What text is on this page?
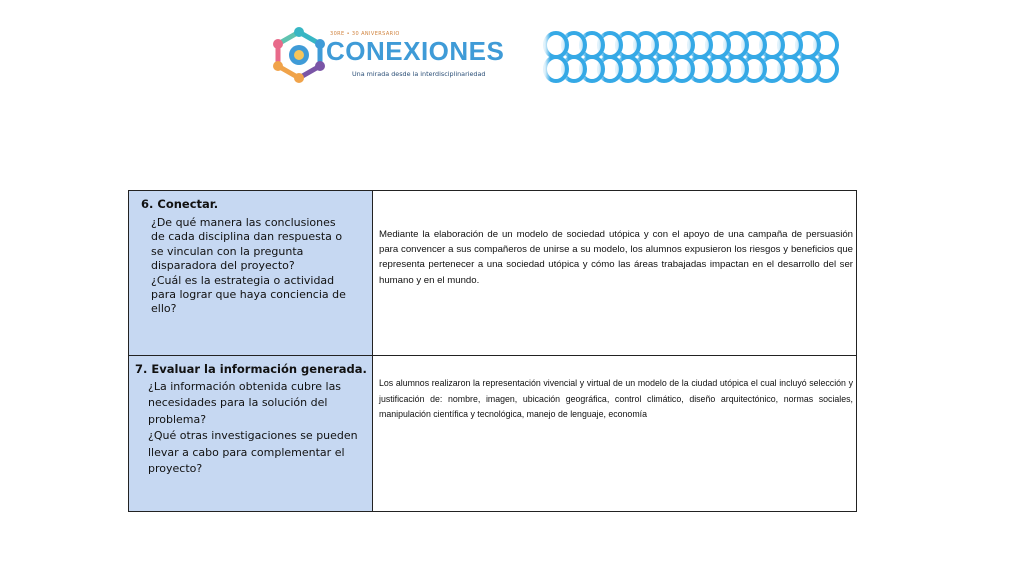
30RE • 30 ANIVERSARIO
CONEXIONES
Una mirada desde la interdisciplinariedad
6. Conectar.

¿De qué manera las conclusiones de cada disciplina dan respuesta o se vinculan con la pregunta disparadora del proyecto?

¿Cuál es la estrategia o actividad para lograr que haya conciencia de ello?

Mediante la elaboración de un modelo de sociedad utópica y con el apoyo de una campaña de persuasión para convencer a sus compañeros de unirse a su modelo, los alumnos expusieron los riesgos y beneficios que representa pertenecer a una sociedad utópica y cómo las áreas trabajadas impactan en el desarrollo del ser humano y en el mundo.

7. Evaluar la información generada.

¿La información obtenida cubre las necesidades para la solución del problema?

¿Qué otras investigaciones se pueden llevar a cabo para complementar el proyecto?

Los alumnos realizaron la representación vivencial y virtual de un modelo de la ciudad utópica el cual incluyó selección y justificación de: nombre, imagen, ubicación geográfica, control climático, diseño arquitectónico, normas sociales, manipulación científica y tecnológica, manejo de lenguaje, economía
